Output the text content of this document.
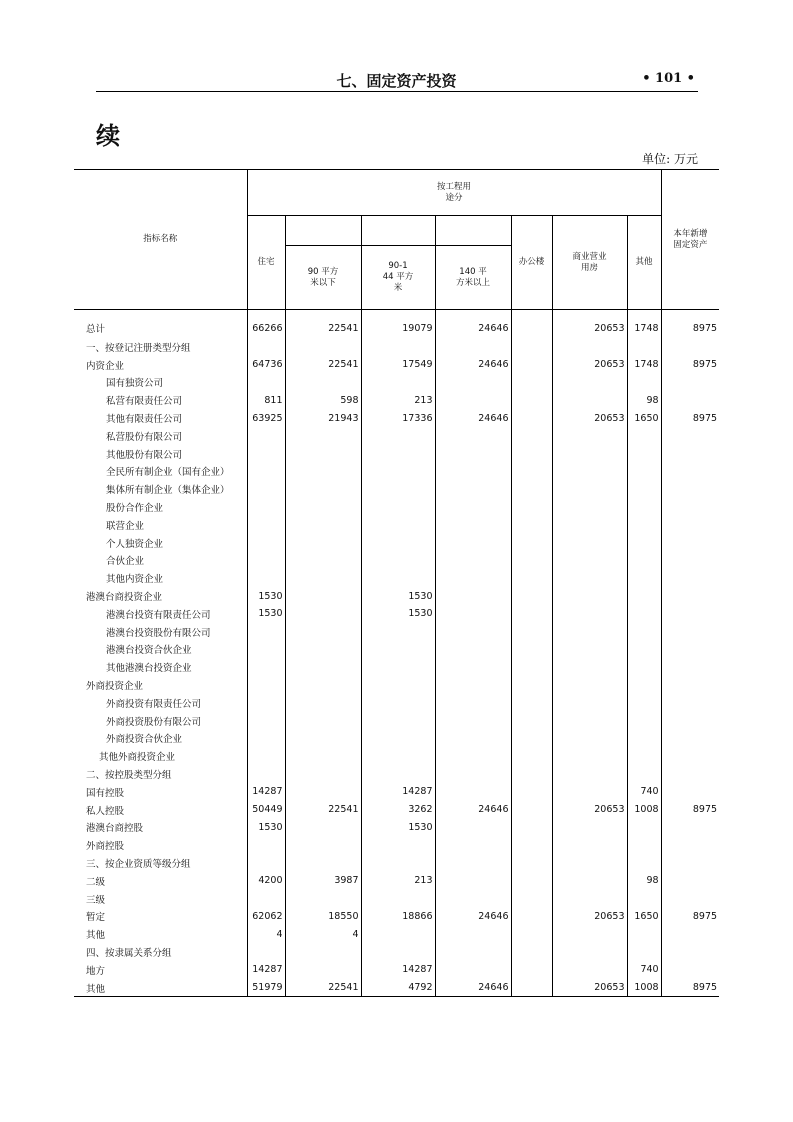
七、固定资产投资	• 101 •
续
单位: 万元
指标名称	按工程用
途分							本年新增
固定资产
	住宅				办公楼	商业营业
用房	其他	
		90 平方
米以下	90-1
44 平方
米	140 平
方米以上				
总计	66266	22541	19079	24646		20653	1748	8975
一、按登记注册类型分组								
内资企业	64736	22541	17549	24646		20653	1748	8975
国有独资公司								
私营有限责任公司	811	598	213				98	
其他有限责任公司	63925	21943	17336	24646		20653	1650	8975
私营股份有限公司								
其他股份有限公司								
全民所有制企业（国有企业）								
集体所有制企业（集体企业）								
股份合作企业								
联营企业								
个人独资企业								
合伙企业								
其他内资企业								
港澳台商投资企业	1530		1530					
港澳台投资有限责任公司	1530		1530					
港澳台投资股份有限公司								
港澳台投资合伙企业								
其他港澳台投资企业								
外商投资企业								
外商投资有限责任公司								
外商投资股份有限公司								
外商投资合伙企业								
其他外商投资企业								
二、按控股类型分组								
国有控股	14287		14287				740	
私人控股	50449	22541	3262	24646		20653	1008	8975
港澳台商控股	1530		1530					
外商控股								
三、按企业资质等级分组								
二级	4200	3987	213				98	
三级								
暂定	62062	18550	18866	24646		20653	1650	8975
其他	4	4						
四、按隶属关系分组								
地方	14287		14287				740	
其他	51979	22541	4792	24646		20653	1008	8975
